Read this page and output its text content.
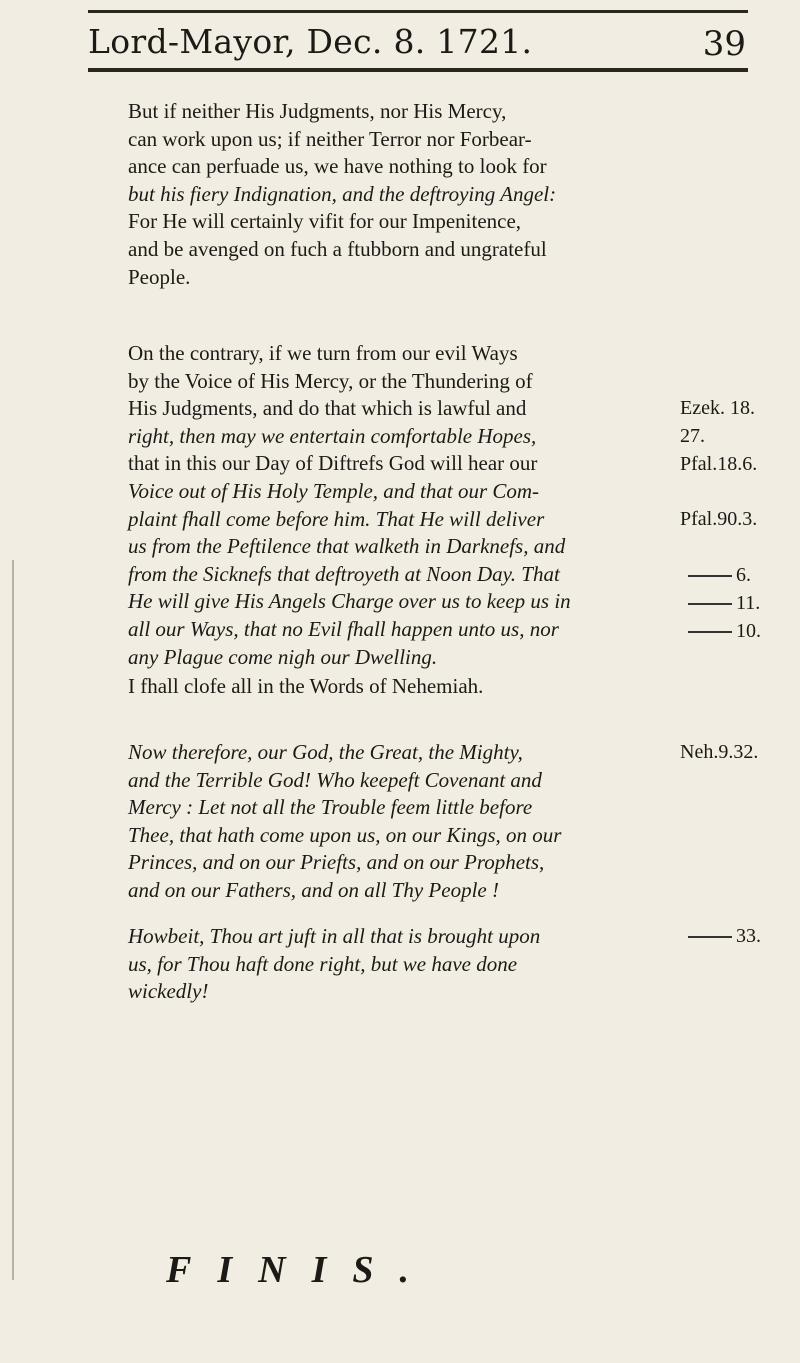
Lord-Mayor, Dec. 8. 1721.	39

But if neither His Judgments, nor His Mercy,

can work upon us; if neither Terror nor Forbear-

ance can perfuade us, we have nothing to look for

but his fiery Indignation, and the deftroying Angel:

For He will certainly vifit for our Impenitence,

and be avenged on fuch a ftubborn and ungrateful

People.

On the contrary, if we turn from our evil Ways

by the Voice of His Mercy, or the Thundering of

His Judgments, and do that which is lawful and

right, then may we entertain comfortable Hopes,

that in this our Day of Diftrefs God will hear our

Voice out of His Holy Temple, and that our Com-

plaint fhall come before him. That He will deliver

us from the Peftilence that walketh in Darknefs, and

from the Sicknefs that deftroyeth at Noon Day. That

He will give His Angels Charge over us to keep us in

all our Ways, that no Evil fhall happen unto us, nor

any Plague come nigh our Dwelling.

Ezek. 18.
27.
Pfal.18.6.
Pfal.90.3.
6.
11.
10.

I fhall clofe all in the Words of Nehemiah.

Now therefore, our God, the Great, the Mighty,

and the Terrible God! Who keepeft Covenant and

Mercy : Let not all the Trouble feem little before

Thee, that hath come upon us, on our Kings, on our

Princes, and on our Priefts, and on our Prophets,

and on our Fathers, and on all Thy People !

Neh.9.32.

Howbeit, Thou art juft in all that is brought upon

us, for Thou haft done right, but we have done

wickedly!

33.
FINIS.
